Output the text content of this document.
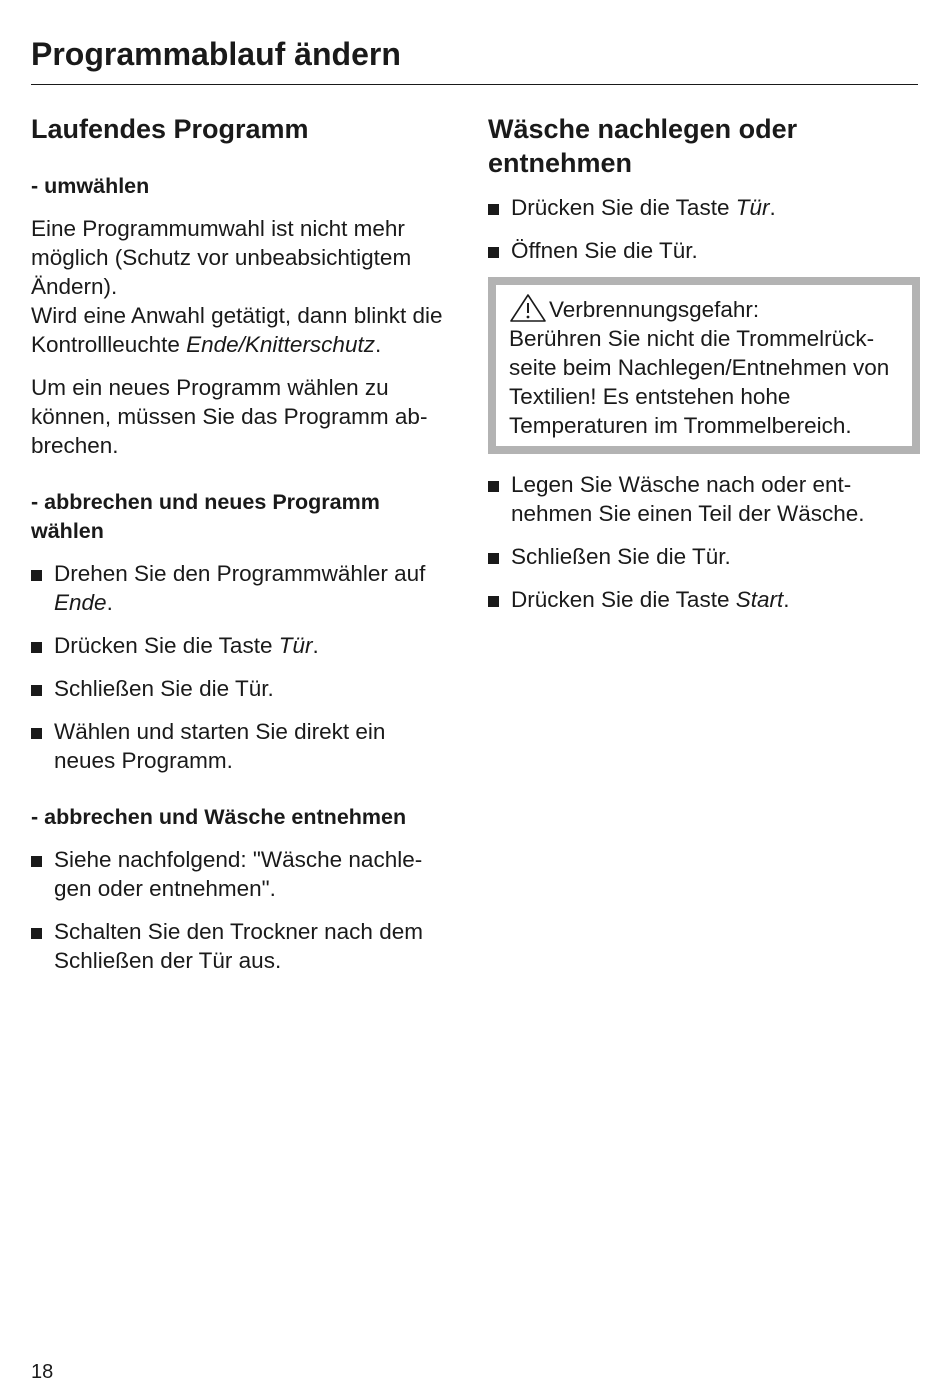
Programmablauf ändern
Laufendes Programm
- umwählen

Eine Programmumwahl ist nicht mehr möglich (Schutz vor unbeabsichtigtem Ändern).
Wird eine Anwahl getätigt, dann blinkt die Kontrollleuchte Ende/Knitterschutz.

Um ein neues Programm wählen zu können, müssen Sie das Programm ab-brechen.

- abbrechen und neues Programm wählen
Drehen Sie den Programmwähler auf Ende.
Drücken Sie die Taste Tür.
Schließen Sie die Tür.
Wählen und starten Sie direkt ein neues Programm.
- abbrechen und Wäsche entnehmen
Siehe nachfolgend: "Wäsche nachle-gen oder entnehmen".
Schalten Sie den Trockner nach dem Schließen der Tür aus.
Wäsche nachlegen oder entnehmen
Drücken Sie die Taste Tür.
Öffnen Sie die Tür.
Verbrennungsgefahr:
Berühren Sie nicht die Trommelrück-seite beim Nachlegen/Entnehmen von Textilien! Es entstehen hohe Temperaturen im Trommelbereich.
Legen Sie Wäsche nach oder ent-nehmen Sie einen Teil der Wäsche.
Schließen Sie die Tür.
Drücken Sie die Taste Start.
18
